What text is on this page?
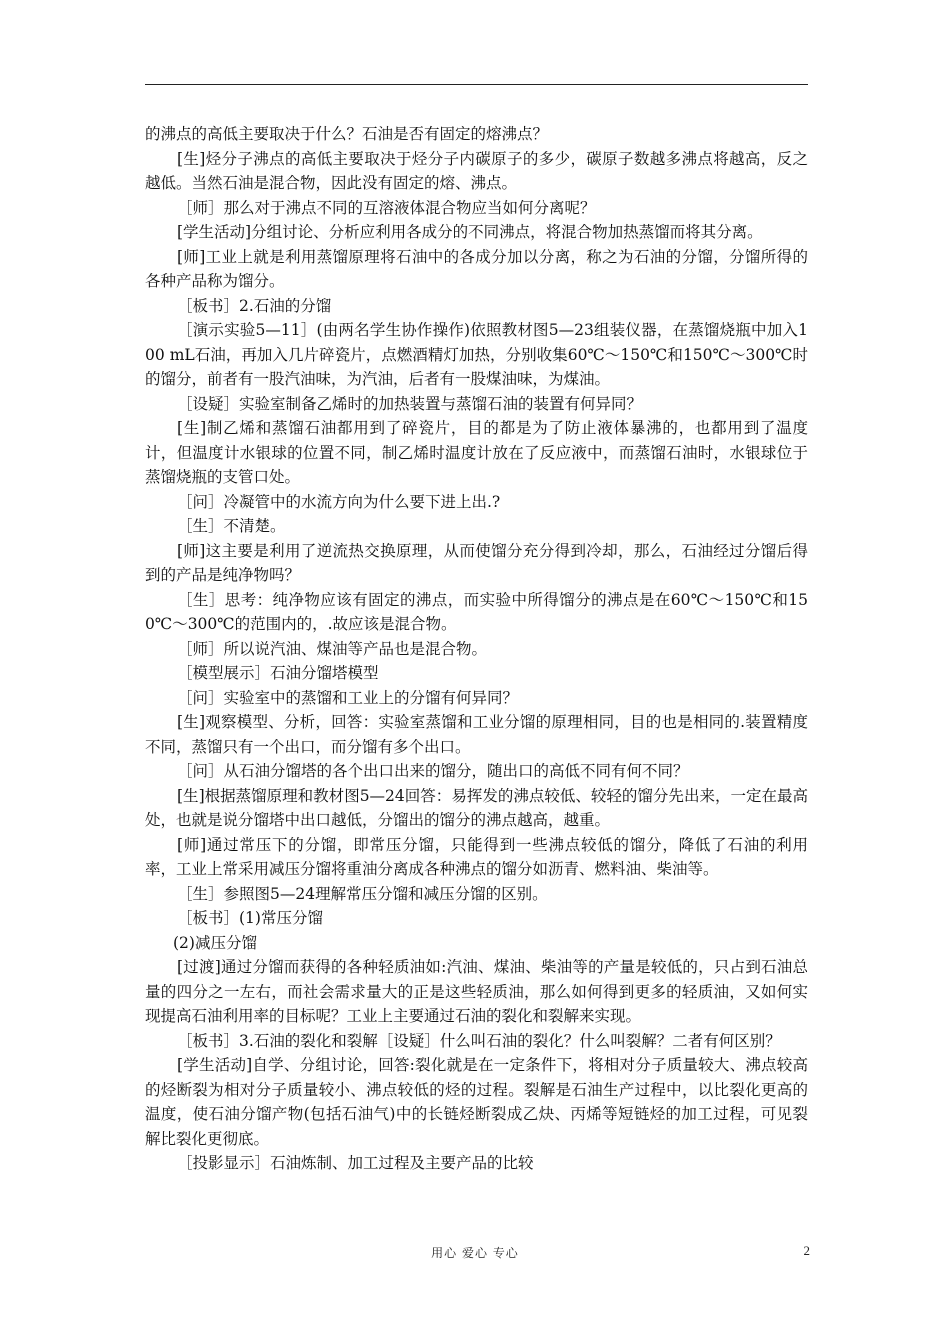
的沸点的高低主要取决于什么？石油是否有固定的熔沸点？

[生]烃分子沸点的高低主要取决于烃分子内碳原子的多少，碳原子数越多沸点将越高，反之越低。当然石油是混合物，因此没有固定的熔、沸点。

［师］那么对于沸点不同的互溶液体混合物应当如何分离呢？

[学生活动]分组讨论、分析应利用各成分的不同沸点，将混合物加热蒸馏而将其分离。

[师]工业上就是利用蒸馏原理将石油中的各成分加以分离，称之为石油的分馏，分馏所得的各种产品称为馏分。

［板书］2.石油的分馏

［演示实验5—11］(由两名学生协作操作)依照教材图5—23组装仪器，在蒸馏烧瓶中加入100 mL石油，再加入几片碎瓷片，点燃酒精灯加热，分别收集60℃～150℃和150℃～300℃时的馏分，前者有一股汽油味，为汽油，后者有一股煤油味，为煤油。

［设疑］实验室制备乙烯时的加热装置与蒸馏石油的装置有何异同？

[生]制乙烯和蒸馏石油都用到了碎瓷片，目的都是为了防止液体暴沸的，也都用到了温度计，但温度计水银球的位置不同，制乙烯时温度计放在了反应液中，而蒸馏石油时，水银球位于蒸馏烧瓶的支管口处。

［问］冷凝管中的水流方向为什么要下进上出.?

［生］不清楚。

[师]这主要是利用了逆流热交换原理，从而使馏分充分得到冷却，那么，石油经过分馏后得到的产品是纯净物吗？

［生］思考：纯净物应该有固定的沸点，而实验中所得馏分的沸点是在60℃～150℃和150℃～300℃的范围内的，.故应该是混合物。

［师］所以说汽油、煤油等产品也是混合物。

［模型展示］石油分馏塔模型

［问］实验室中的蒸馏和工业上的分馏有何异同？

[生]观察模型、分析，回答：实验室蒸馏和工业分馏的原理相同，目的也是相同的.装置精度不同，蒸馏只有一个出口，而分馏有多个出口。

［问］从石油分馏塔的各个出口出来的馏分，随出口的高低不同有何不同？

[生]根据蒸馏原理和教材图5—24回答：易挥发的沸点较低、较轻的馏分先出来，一定在最高处，也就是说分馏塔中出口越低，分馏出的馏分的沸点越高，越重。

[师]通过常压下的分馏，即常压分馏，只能得到一些沸点较低的馏分，降低了石油的利用率，工业上常采用减压分馏将重油分离成各种沸点的馏分如沥青、燃料油、柴油等。

［生］参照图5—24理解常压分馏和减压分馏的区别。

［板书］(1)常压分馏

(2)减压分馏

[过渡]通过分馏而获得的各种轻质油如:汽油、煤油、柴油等的产量是较低的，只占到石油总量的四分之一左右，而社会需求量大的正是这些轻质油，那么如何得到更多的轻质油，又如何实现提高石油利用率的目标呢？工业上主要通过石油的裂化和裂解来实现。

［板书］3.石油的裂化和裂解［设疑］什么叫石油的裂化？什么叫裂解？二者有何区别？

[学生活动]自学、分组讨论，回答:裂化就是在一定条件下，将相对分子质量较大、沸点较高的烃断裂为相对分子质量较小、沸点较低的烃的过程。裂解是石油生产过程中，以比裂化更高的温度，使石油分馏产物(包括石油气)中的长链烃断裂成乙炔、丙烯等短链烃的加工过程，可见裂解比裂化更彻底。

［投影显示］石油炼制、加工过程及主要产品的比较

用心 爱心 专心	2
